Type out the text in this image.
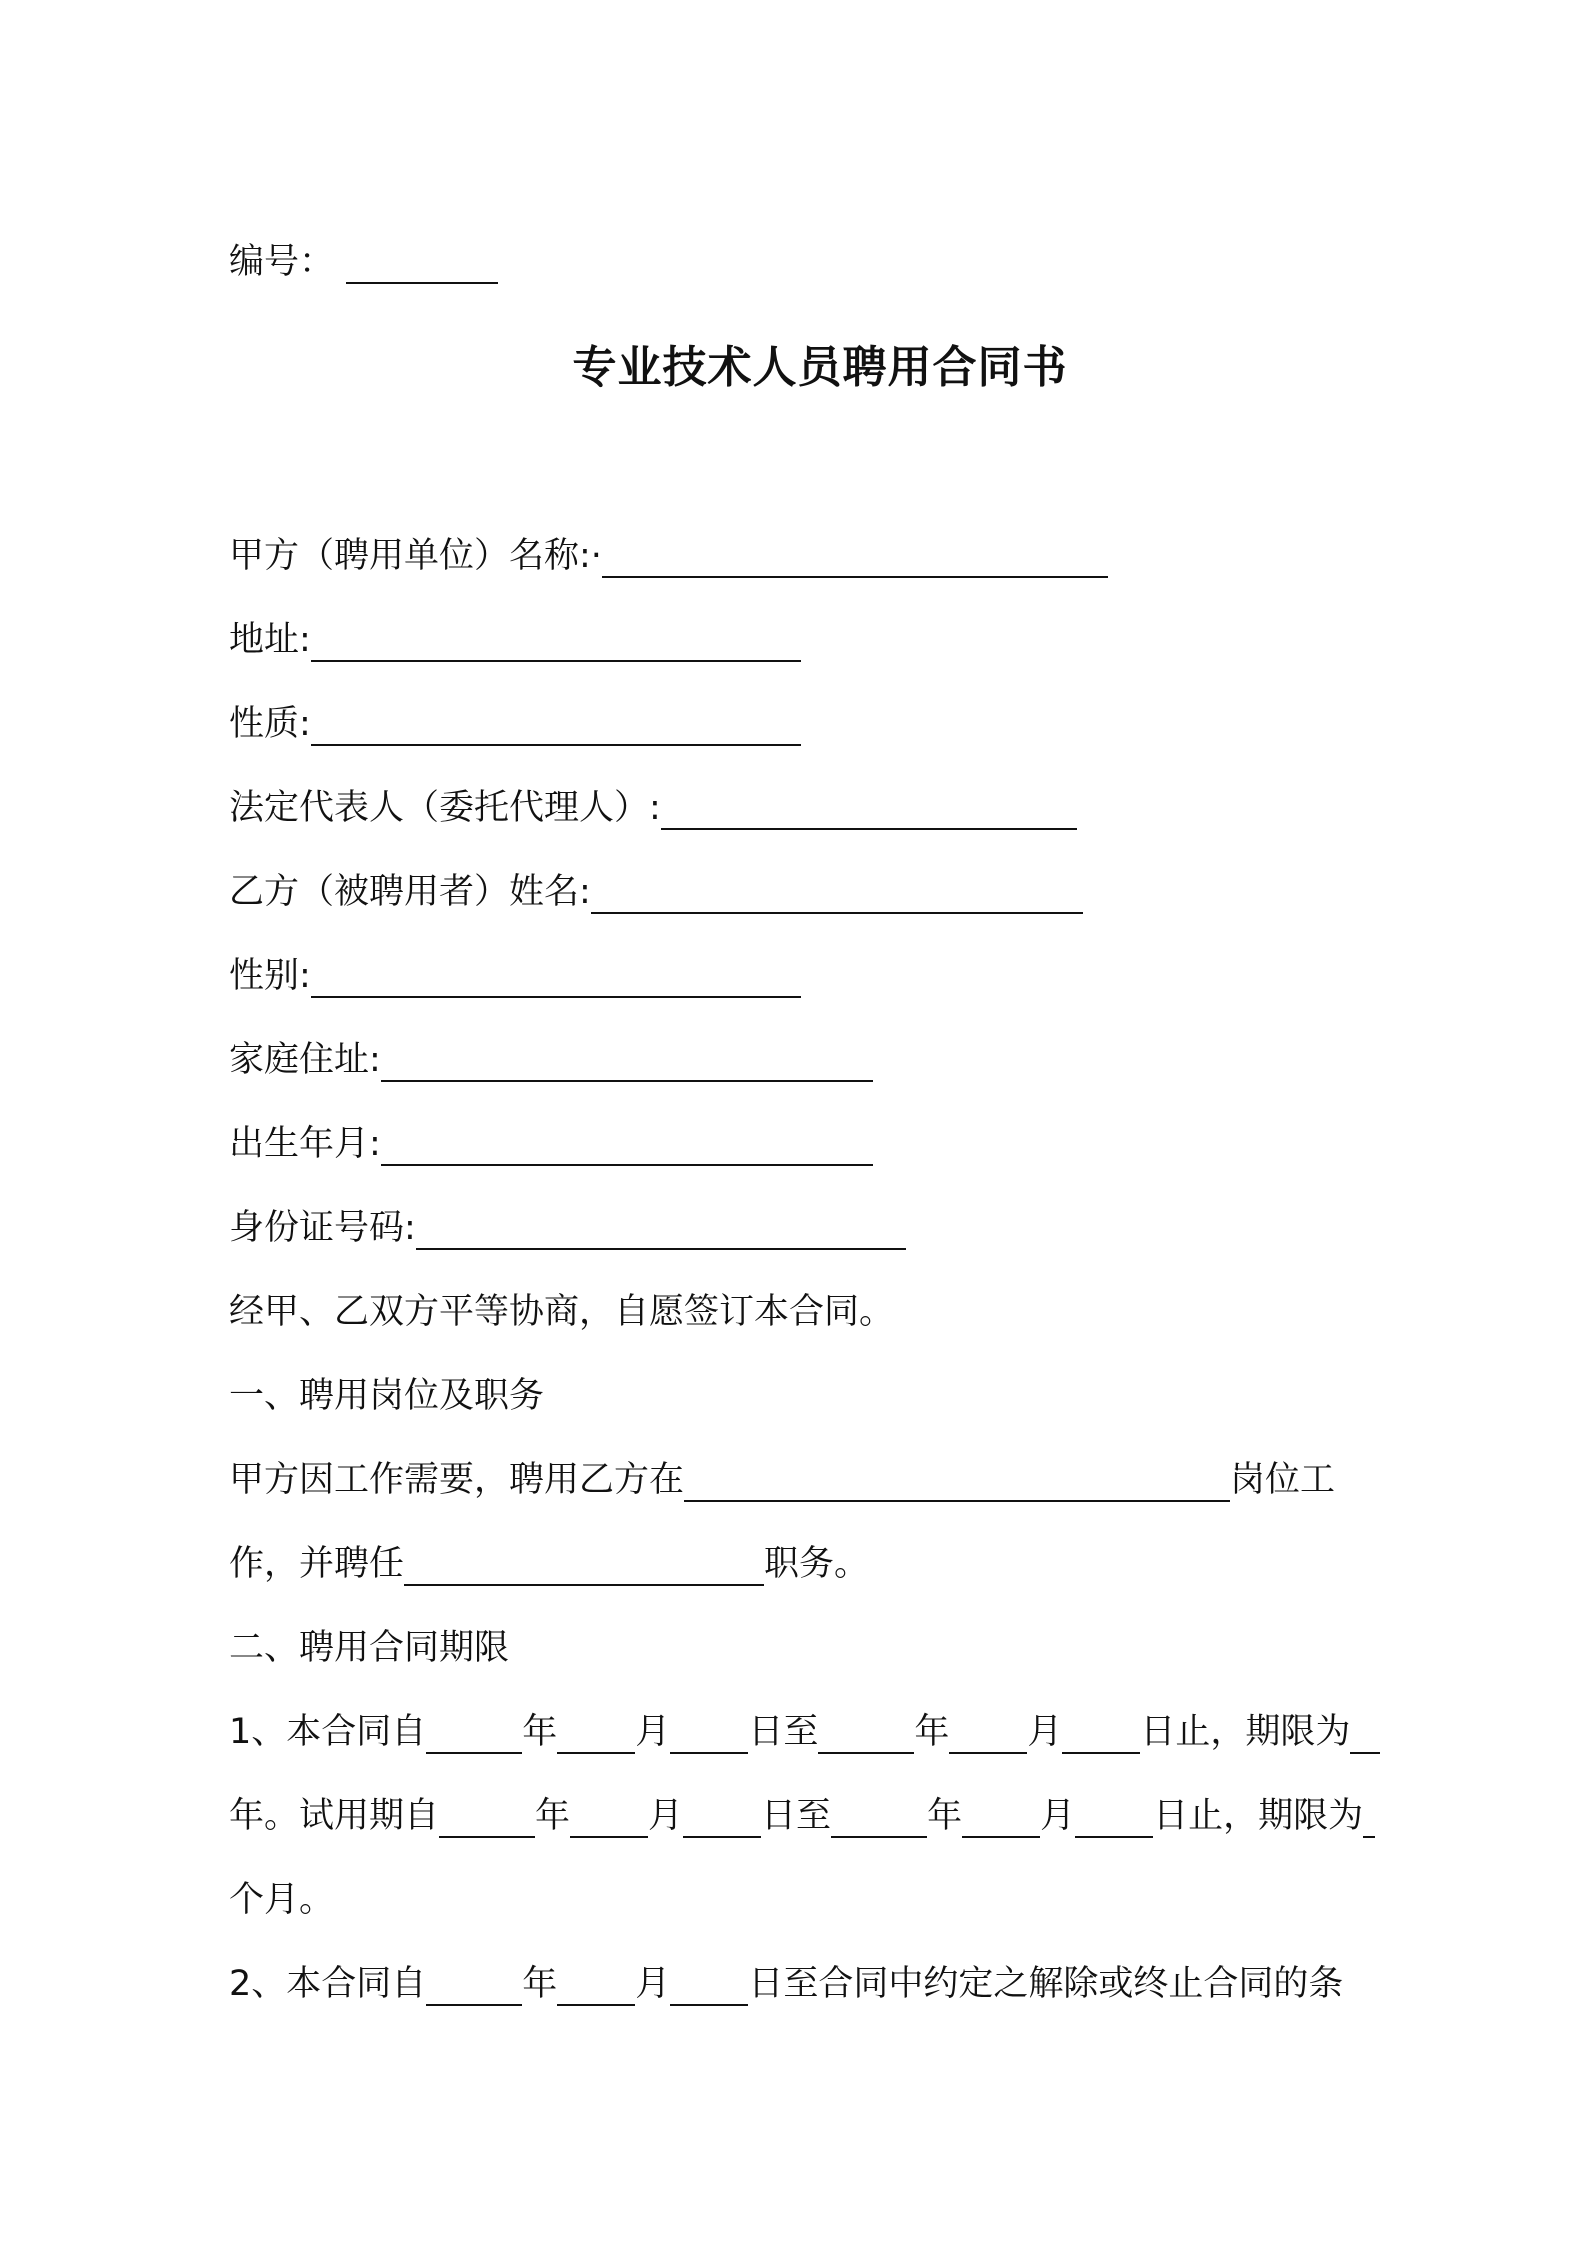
编号：
专业技术人员聘用合同书
甲方（聘用单位）名称:·
地址:
性质:
法定代表人（委托代理人）:
乙方（被聘用者）姓名:
性别:
家庭住址:
出生年月:
身份证号码:
经甲、乙双方平等协商，自愿签订本合同。
一、聘用岗位及职务
甲方因工作需要，聘用乙方在	岗位工
作，并聘任	职务。
二、聘用合同期限
1、本合同自	年 月 日至	年 月 日止，期限为
年。试用期自	年 月 日至	年 月 日止，期限为
个月。
2、本合同自	年 月 日至合同中约定之解除或终止合同的条
